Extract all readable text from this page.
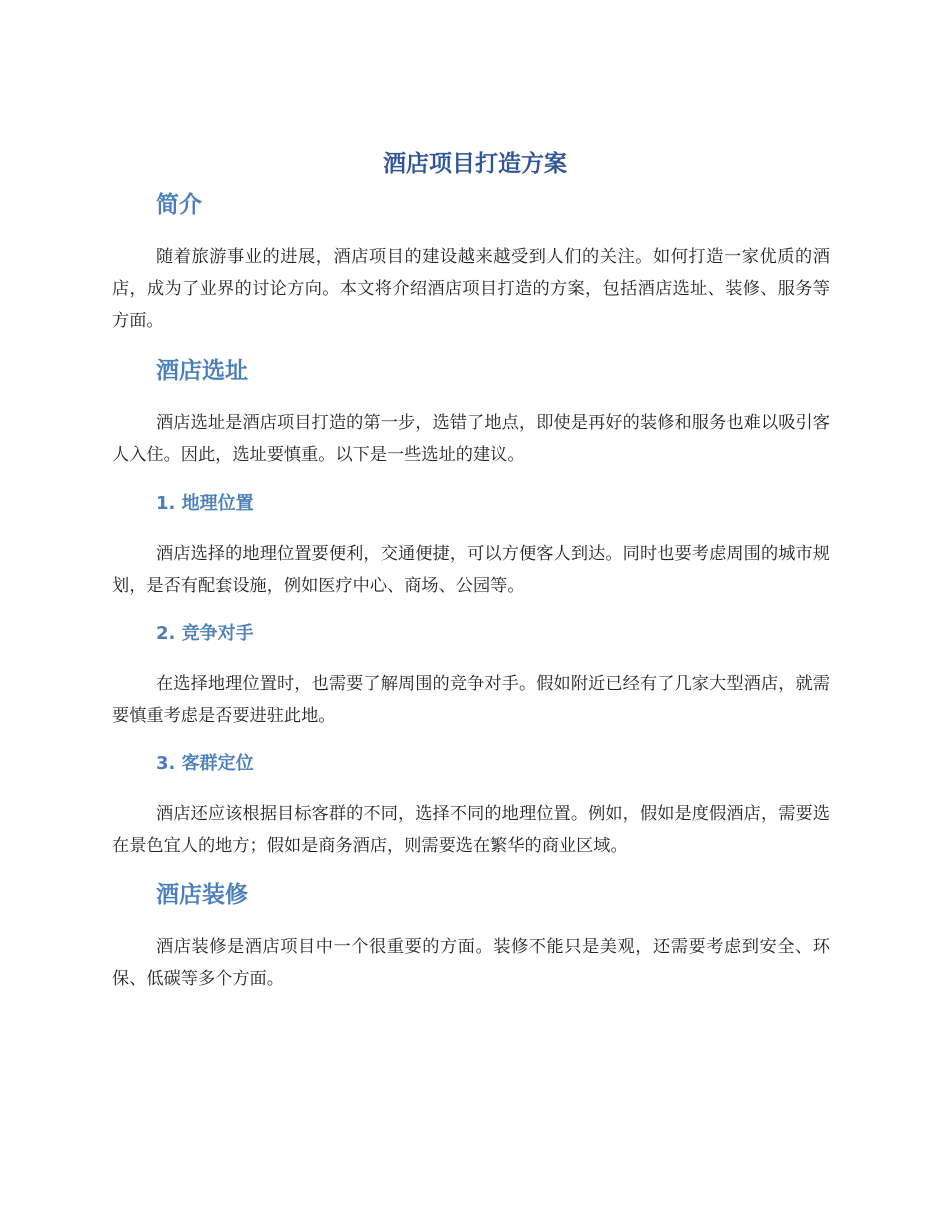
酒店项目打造方案
简介

随着旅游事业的进展，酒店项目的建设越来越受到人们的关注。如何打造一家优质的酒店，成为了业界的讨论方向。本文将介绍酒店项目打造的方案，包括酒店选址、装修、服务等方面。

酒店选址

酒店选址是酒店项目打造的第一步，选错了地点，即使是再好的装修和服务也难以吸引客人入住。因此，选址要慎重。以下是一些选址的建议。

1. 地理位置

酒店选择的地理位置要便利，交通便捷，可以方便客人到达。同时也要考虑周围的城市规划，是否有配套设施，例如医疗中心、商场、公园等。

2. 竞争对手

在选择地理位置时，也需要了解周围的竞争对手。假如附近已经有了几家大型酒店，就需要慎重考虑是否要进驻此地。

3. 客群定位

酒店还应该根据目标客群的不同，选择不同的地理位置。例如，假如是度假酒店，需要选在景色宜人的地方；假如是商务酒店，则需要选在繁华的商业区域。

酒店装修

酒店装修是酒店项目中一个很重要的方面。装修不能只是美观，还需要考虑到安全、环保、低碳等多个方面。
